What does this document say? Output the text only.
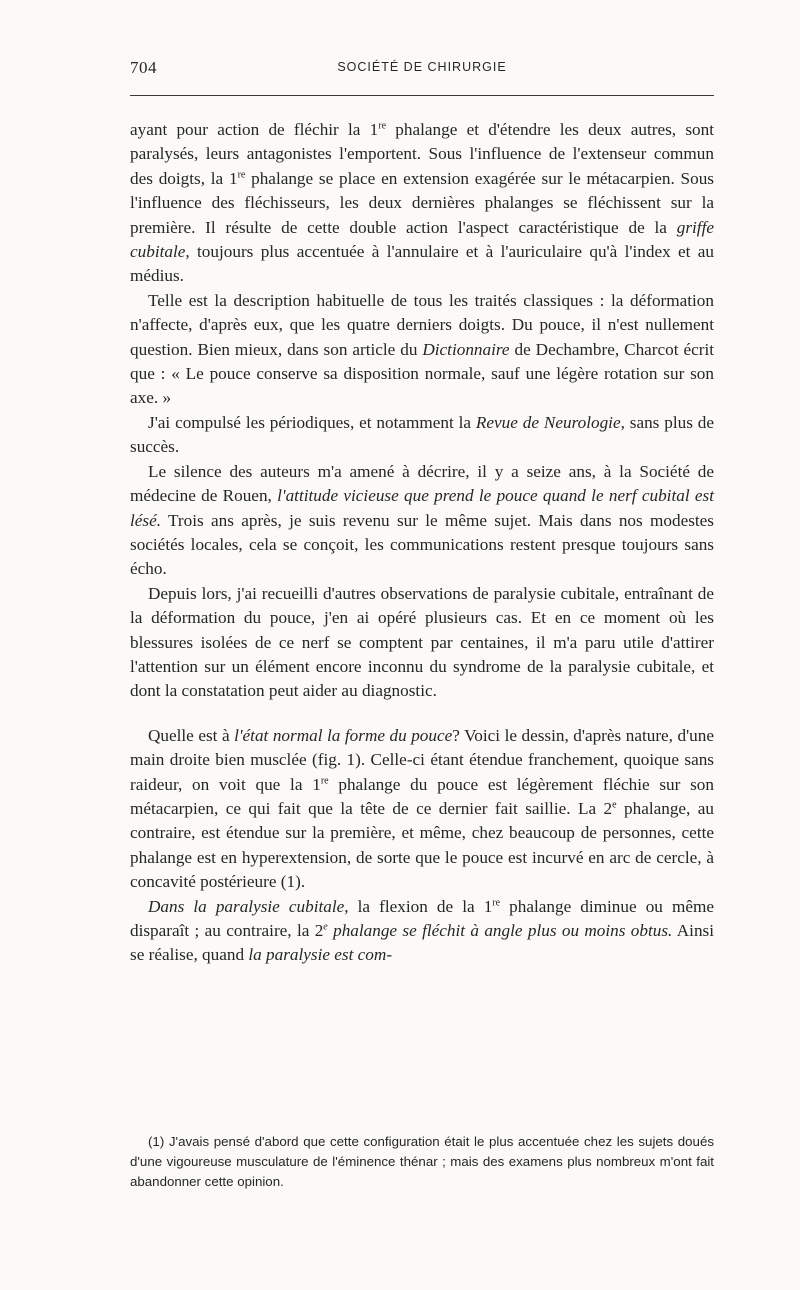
704	SOCIÉTÉ DE CHIRURGIE

ayant pour action de fléchir la 1re phalange et d'étendre les deux autres, sont paralysés, leurs antagonistes l'emportent. Sous l'influence de l'extenseur commun des doigts, la 1re phalange se place en extension exagérée sur le métacarpien. Sous l'influence des fléchisseurs, les deux dernières phalanges se fléchissent sur la première. Il résulte de cette double action l'aspect caractéristique de la griffe cubitale, toujours plus accentuée à l'annulaire et à l'auriculaire qu'à l'index et au médius.

Telle est la description habituelle de tous les traités classiques : la déformation n'affecte, d'après eux, que les quatre derniers doigts. Du pouce, il n'est nullement question. Bien mieux, dans son article du Dictionnaire de Dechambre, Charcot écrit que : « Le pouce conserve sa disposition normale, sauf une légère rotation sur son axe. »

J'ai compulsé les périodiques, et notamment la Revue de Neurologie, sans plus de succès.

Le silence des auteurs m'a amené à décrire, il y a seize ans, à la Société de médecine de Rouen, l'attitude vicieuse que prend le pouce quand le nerf cubital est lésé. Trois ans après, je suis revenu sur le même sujet. Mais dans nos modestes sociétés locales, cela se conçoit, les communications restent presque toujours sans écho.

Depuis lors, j'ai recueilli d'autres observations de paralysie cubitale, entraînant de la déformation du pouce, j'en ai opéré plusieurs cas. Et en ce moment où les blessures isolées de ce nerf se comptent par centaines, il m'a paru utile d'attirer l'attention sur un élément encore inconnu du syndrome de la paralysie cubitale, et dont la constatation peut aider au diagnostic.

Quelle est à l'état normal la forme du pouce? Voici le dessin, d'après nature, d'une main droite bien musclée (fig. 1). Celle-ci étant étendue franchement, quoique sans raideur, on voit que la 1re phalange du pouce est légèrement fléchie sur son métacarpien, ce qui fait que la tête de ce dernier fait saillie. La 2e phalange, au contraire, est étendue sur la première, et même, chez beaucoup de personnes, cette phalange est en hyperextension, de sorte que le pouce est incurvé en arc de cercle, à concavité postérieure (1).

Dans la paralysie cubitale, la flexion de la 1re phalange diminue ou même disparaît ; au contraire, la 2e phalange se fléchit à angle plus ou moins obtus. Ainsi se réalise, quand la paralysie est com-

(1) J'avais pensé d'abord que cette configuration était le plus accentuée chez les sujets doués d'une vigoureuse musculature de l'éminence thénar ; mais des examens plus nombreux m'ont fait abandonner cette opinion.
